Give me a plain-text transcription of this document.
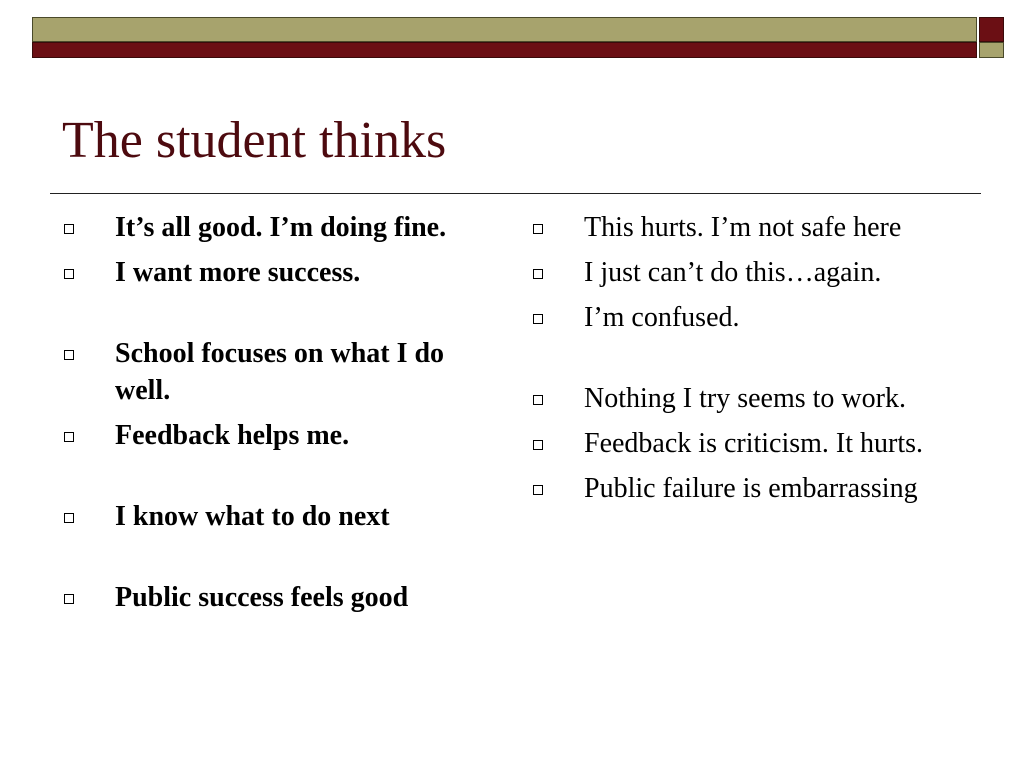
The student thinks
It’s all good. I’m doing fine.
I want more success.
School focuses on what I do well.
Feedback helps me.
I know what to do next
Public success feels good
This hurts. I’m not safe here
I just can’t do this…again.
I’m confused.
Nothing I try seems to work.
Feedback is criticism. It hurts.
Public failure is embarrassing
